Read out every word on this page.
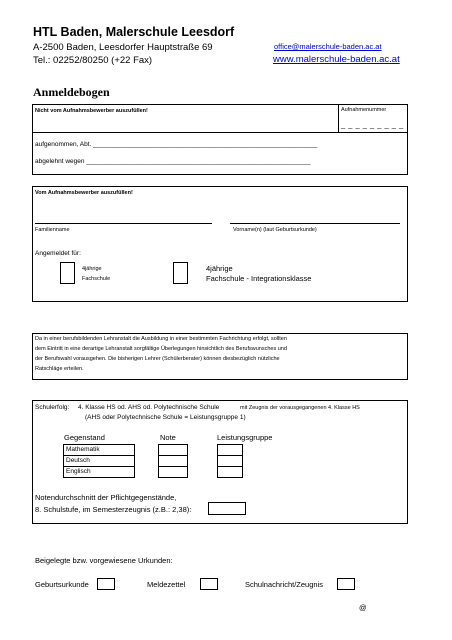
HTL Baden, Malerschule Leesdorf
A-2500 Baden, Leesdorfer Hauptstraße 69
Tel.: 02252/80250 (+22 Fax)
office@malerschule-baden.ac.at
www.malerschule-baden.ac.at
Anmeldebogen
Nicht vom Aufnahmsbewerber auszufüllen!	Aufnahmenummer
_ _ _ _ _ _ _ _ _
aufgenommen, Abt. ______________________________________________________________
abgelehnt wegen ______________________________________________________________
Vom Aufnahmsbewerber auszufüllen!
Familienname	Vorname(n) (laut Geburtsurkunde)
Angemeldet für:
4jährige
Fachschule
4jährige
Fachschule - Integrationsklasse
Da in einer berufsbildenden Lehranstalt die Ausbildung in einer bestimmten Fachrichtung erfolgt, sollten
dem Eintritt in eine derartige Lehranstalt sorgfältige Überlegungen hinsichtlich des Berufswunsches und
der Berufswahl vorausgehen. Die bisherigen Lehrer (Schülerberater) können diesbezüglich nützliche
Ratschläge erteilen.
Schulerfolg: 4. Klasse HS od. AHS od. Polytechnische Schule	mit Zeugnis der vorausgegangenen 4. Klasse HS
(AHS oder Polytechnische Schule = Leistungsgruppe 1)
Gegenstand	Note	Leistungsgruppe
Mathematik
Deutsch
Englisch
Notendurchschnitt der Pflichtgegenstände,
8. Schulstufe, im Semesterzeugnis (z.B.: 2,38):
Beigelegte bzw. vorgewiesene Urkunden:
Geburtsurkunde	Meldezettel	Schulnachricht/Zeugnis
@
